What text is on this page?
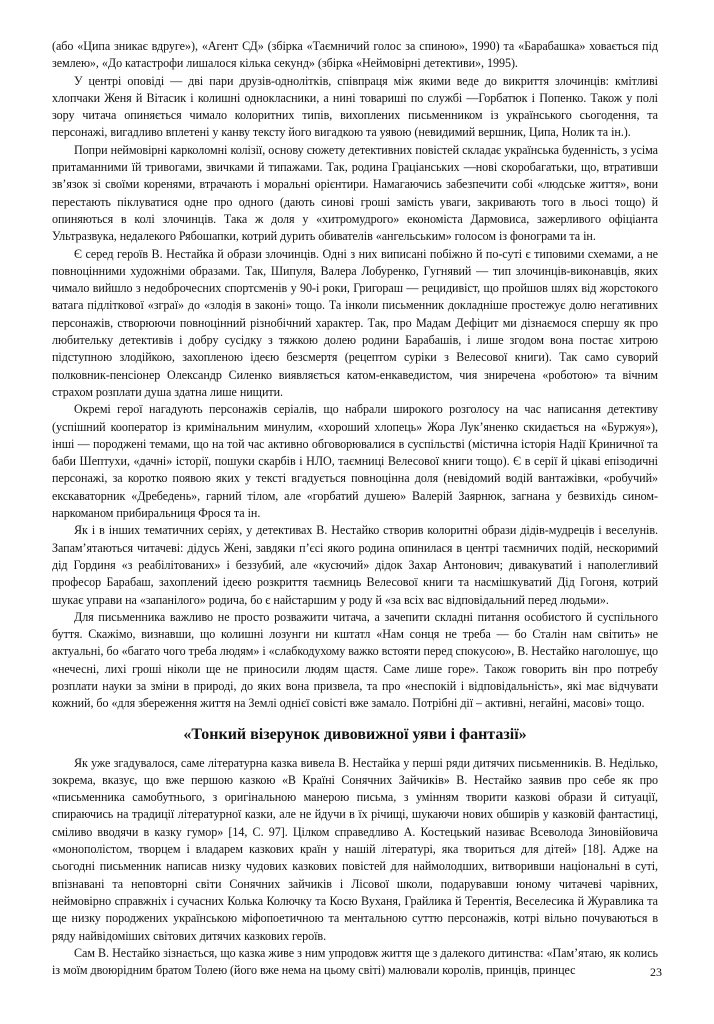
(або «Ципа зникає вдруге»), «Агент СД» (збірка «Таємничий голос за спиною», 1990) та «Барабашка» ховається під землею», «До катастрофи лишалося кілька секунд» (збірка «Неймовірні детективи», 1995).

У центрі оповіді — дві пари друзів-однолітків, співпраця між якими веде до викриття злочинців: кмітливі хлопчаки Женя й Вітасик і колишні однокласники, а нині товариші по службі —Горбатюк і Попенко. Також у полі зору читача опиняється чимало колоритних типів, вихоплених письменником із українського сьогодення, та персонажі, вигадливо вплетені у канву тексту його вигадкою та уявою (невидимий вершник, Ципа, Нолик та ін.).

Попри неймовірні карколомні колізії, основу сюжету детективних повістей складає українська буденність, з усіма притаманними їй тривогами, звичками й типажами. Так, родина Граціанських —нові скоробагатьки, що, втративши зв’язок зі своїми коренями, втрачають і моральні орієнтири. Намагаючись забезпечити собі «людське життя», вони перестають піклуватися одне про одного (дають синові гроші замість уваги, закривають того в льосі тощо) й опиняються в колі злочинців. Така ж доля у «хитромудрого» економіста Дармовиса, зажерливого офіціанта Ультразвука, недалекого Рябошапки, котрий дурить обивателів «ангельським» голосом із фонограми та ін.

Є серед героїв В. Нестайка й образи злочинців. Одні з них виписані побіжно й по-суті є типовими схемами, а не повноцінними художніми образами. Так, Шипуля, Валера Лобуренко, Гугнявий — тип злочинців-виконавців, яких чимало вийшло з недоброчесних спортсменів у 90-і роки, Григораш — рецидивіст, що пройшов шлях від жорстокого ватага підліткової «зграї» до «злодія в законі» тощо. Та інколи письменник докладніше простежує долю негативних персонажів, створюючи повноцінний різнобічний характер. Так, про Мадам Дефіцит ми дізнаємося спершу як про любительку детективів і добру сусідку з тяжкою долею родини Барабашів, і лише згодом вона постає хитрою підступною злодійкою, захопленою ідеєю безсмертя (рецептом суріки з Велесової книги). Так само суворий полковник-пенсіонер Олександр Силенко виявляється катом-енкаведистом, чия зниречена «роботою» та вічним страхом розплати душа здатна лише нищити.

Окремі герої нагадують персонажів серіалів, що набрали широкого розголосу на час написання детективу (успішний кооператор із кримінальним минулим, «хороший хлопець» Жора Лук’яненко скидається на «Буржуя»), інші — породжені темами, що на той час активно обговорювалися в суспільстві (містична історія Надії Криничної та баби Шептухи, «дачні» історії, пошуки скарбів і НЛО, таємниці Велесової книги тощо). Є в серії й цікаві епізодичні персонажі, за коротко появою яких у тексті вгадується повноцінна доля (невідомий водій вантажівки, «робучий» екскаваторник «Дребедень», гарний тілом, але «горбатий душею» Валерій Заярнюк, загнана у безвихідь сином-наркоманом прибиральниця Фрося та ін.

Як і в інших тематичних серіях, у детективах В. Нестайко створив колоритні образи дідів-мудреців і веселунів. Запам’ятаються читачеві: дідусь Жені, завдяки п’єсі якого родина опинилася в центрі таємничих подій, нескоримий дід Гординя «з реабілітованих» і беззубий, але «кусючий» дідок Захар Антонович; дивакуватий і наполегливий професор Барабаш, захоплений ідеєю розкриття таємниць Велесової книги та насмішкуватий Дід Гогоня, котрий шукає управи на «запанілого» родича, бо є найстаршим у роду й «за всіх вас відповідальний перед людьми».

Для письменника важливо не просто розважити читача, а зачепити складні питання особистого й суспільного буття. Скажімо, визнавши, що колишні лозунги ни кштатл «Нам сонця не треба — бо Сталін нам світить» не актуальні, бо «багато чого треба людям» і «слабкодухому важко встояти перед спокусою», В. Нестайко наголошує, що «нечесні, лихі гроші ніколи ще не приносили людям щастя. Саме лише горе». Також говорить він про потребу розплати науки за зміни в природі, до яких вона призвела, та про «неспокій і відповідальність», які має відчувати кожний, бо «для збереження життя на Землі однієї совісті вже замало. Потрібні дії – активні, негайні, масові» тощо.

«Тонкий візерунок дивовижної уяви і фантазії»

Як уже згадувалося, саме літературна казка вивела В. Нестайка у перші ряди дитячих письменників. В. Неділько, зокрема, вказує, що вже першою казкою «В Країні Сонячних Зайчиків» В. Нестайко заявив про себе як про «письменника самобутнього, з оригінальною манерою письма, з умінням творити казкові образи й ситуації, спираючись на традиції літературної казки, але не йдучи в їх річищі, шукаючи нових обширів у казковій фантастиці, сміливо вводячи в казку гумор» [14, С. 97]. Цілком справедливо А. Костецький називає Всеволода Зиновійовича «монополістом, творцем і владарем казкових країн у нашій літературі, яка твориться для дітей» [18]. Адже на сьогодні письменник написав низку чудових казкових повістей для наймолодших, витворивши національні в суті, впізнавані та неповторні світи Сонячних зайчиків і Лісової школи, подарувавши юному читачеві чарівних, неймовірно справжніх і сучасних Колька Колючку та Косю Вуханя, Грайлика й Терентія, Веселесика й Журавлика та ще низку породжених українською міфопоетичною та ментальною суттю персонажів, котрі вільно почуваються в ряду найвідоміших світових дитячих казкових героїв.

Сам В. Нестайко зізнається, що казка живе з ним упродовж життя ще з далекого дитинства: «Пам’ятаю, як колись із моїм двоюрідним братом Толею (його вже нема на цьому світі) малювали королів, принців, принцес	23
